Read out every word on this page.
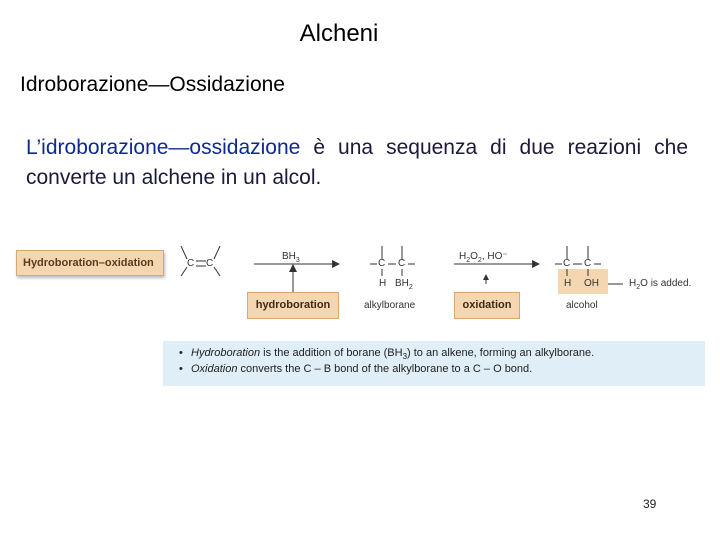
Alcheni
Idroborazione—Ossidazione
L’idroborazione—ossidazione è una sequenza di due reazioni che converte un alchene in un alcol.
Hydroboration–oxidation	C C
$BH_3$	C C
H $BH_2$
$H_2O_2$, HO⁻
C C
H OH	$H_2O$ is added.
hydroboration	alkylborane	oxidation	alcohol
• Hydroboration is the addition of borane $(BH_3)$ to an alkene, forming an alkylborane.
• Oxidation converts the C – B bond of the alkylborane to a C – O bond.
39
